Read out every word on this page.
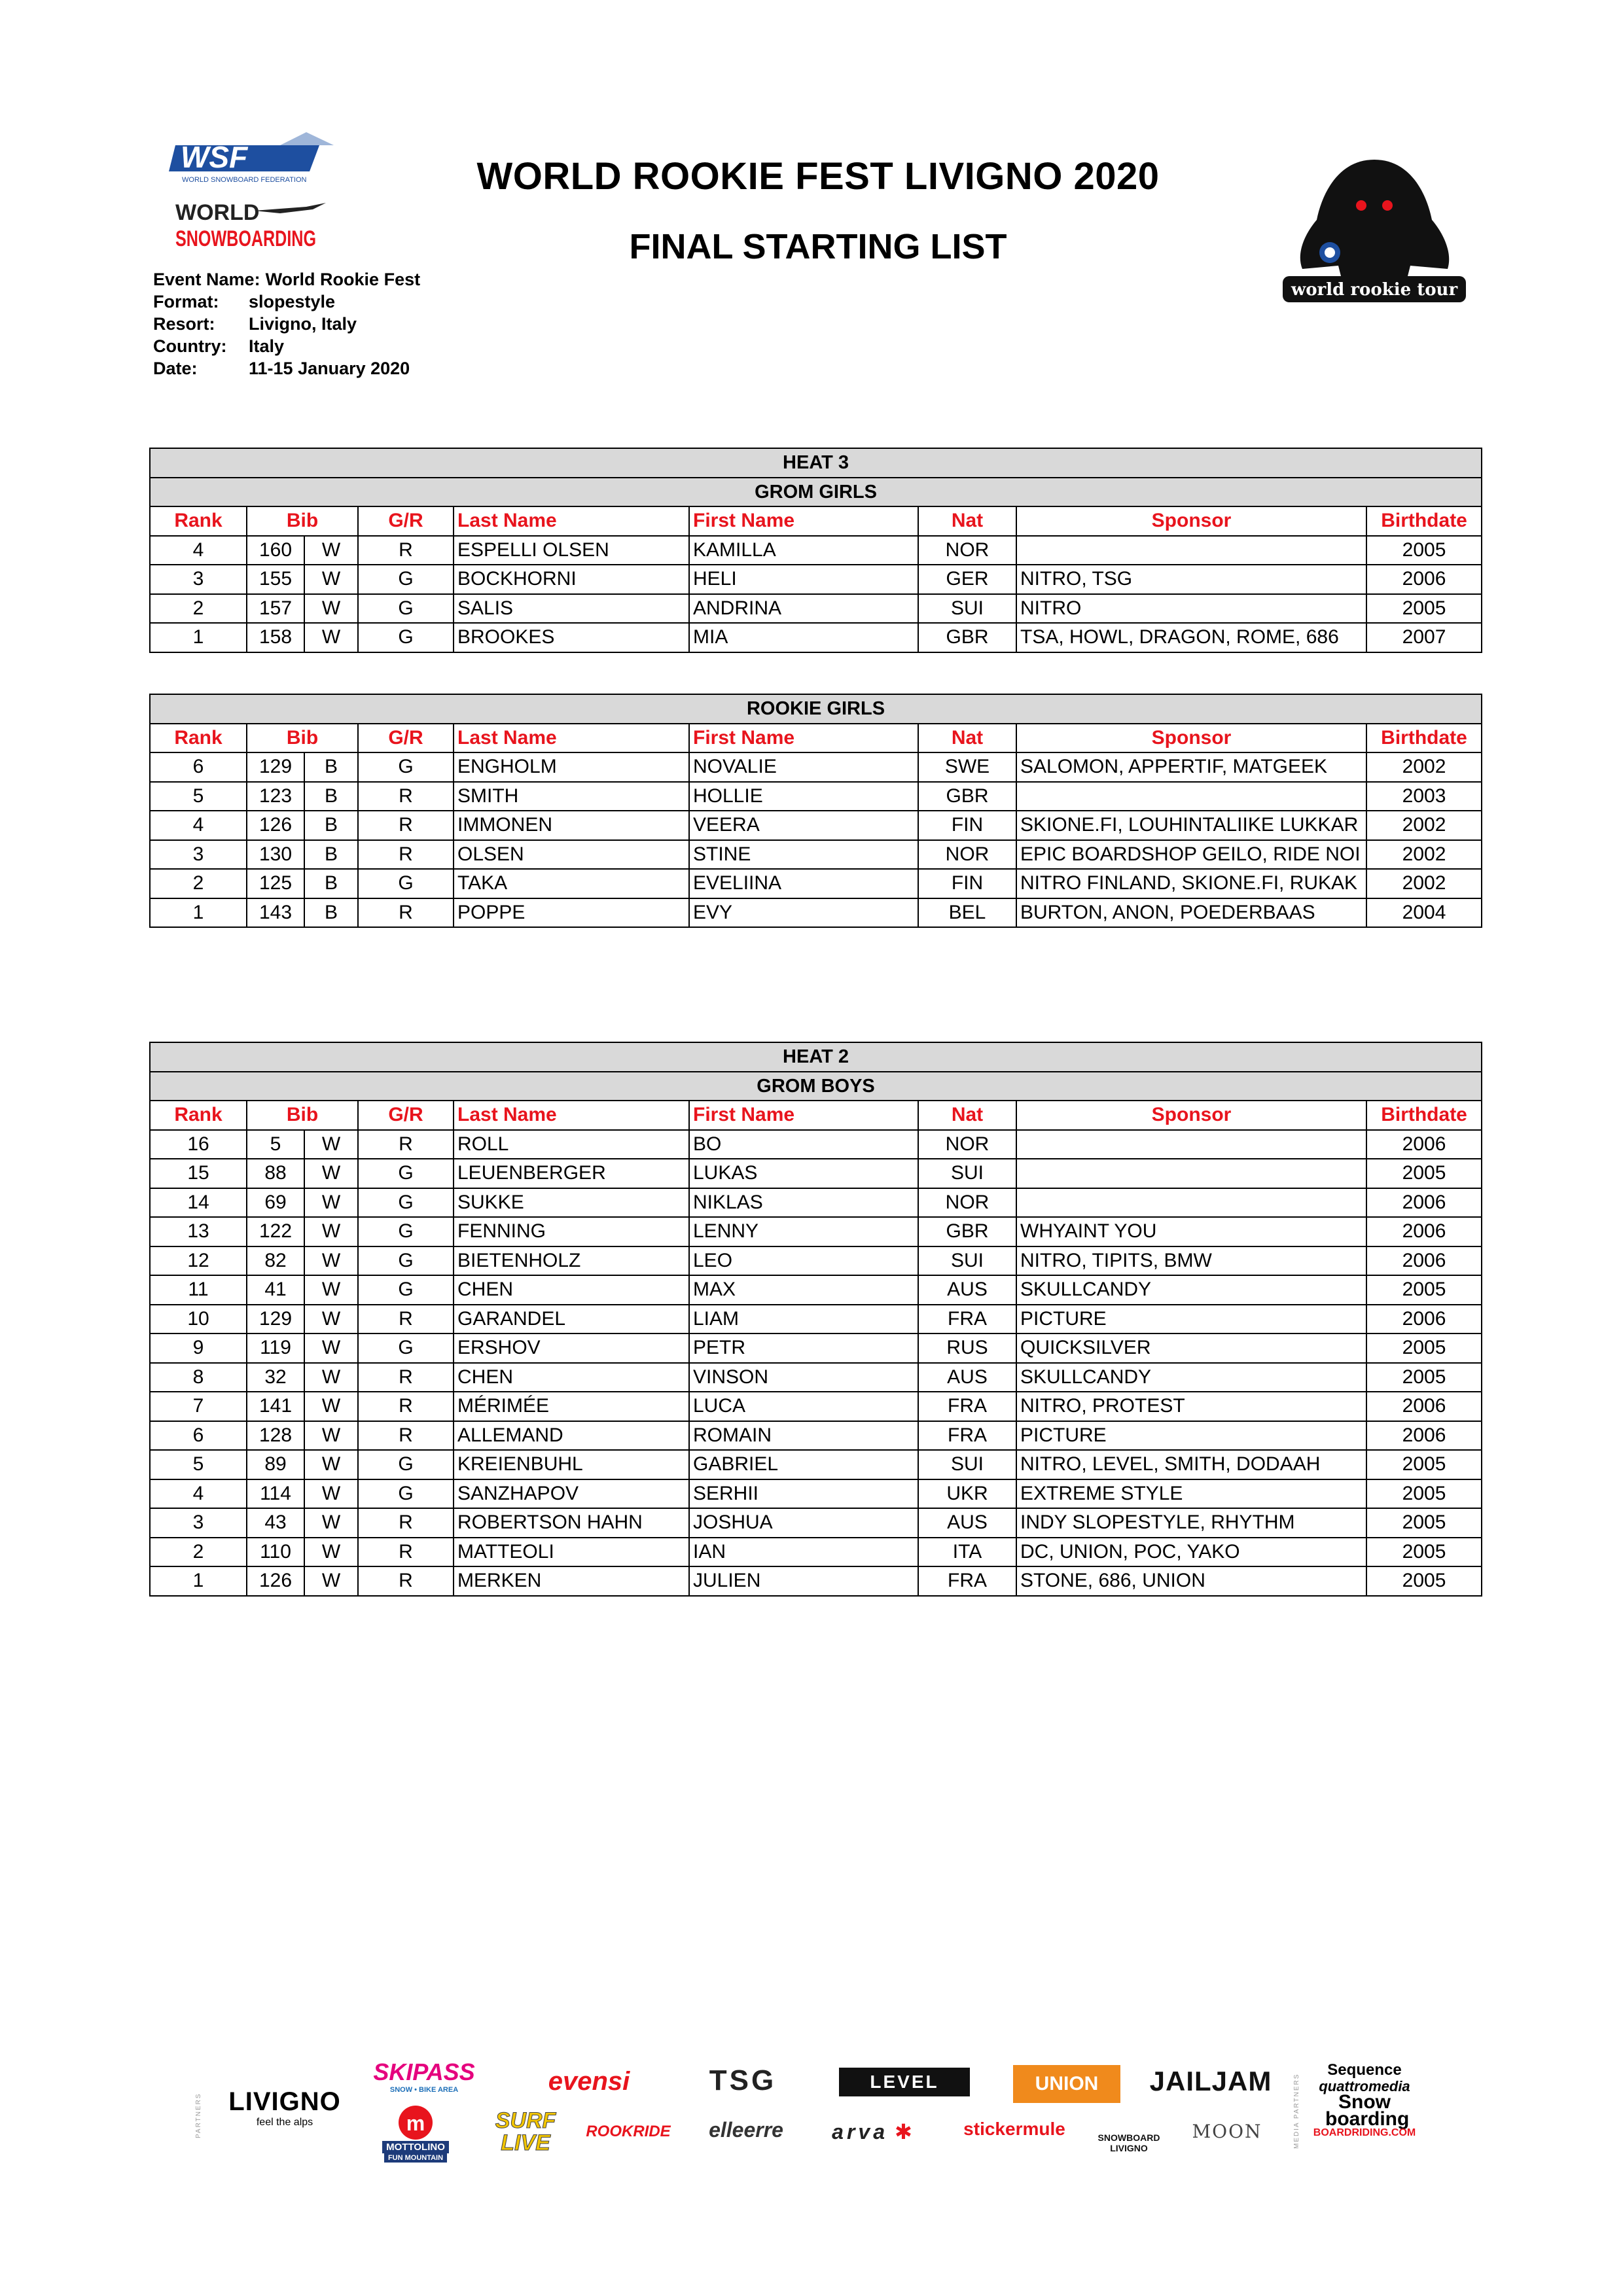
WSF
WORLD SNOWBOARD FEDERATION
WORLD
SNOWBOARDING
WORLD ROOKIE FEST LIVIGNO 2020
FINAL STARTING LIST
world rookie tour
Event Name: World Rookie Fest
Format:	slopestyle
Resort:	Livigno, Italy
Country:	Italy
Date:	11-15 January 2020
HEAT 3								
GROM GIRLS								
Rank	Bib		G/R	Last Name	First Name	Nat	Sponsor	Birthdate
4	160	W	R	ESPELLI OLSEN	KAMILLA	NOR		2005
3	155	W	G	BOCKHORNI	HELI	GER	NITRO, TSG	2006
2	157	W	G	SALIS	ANDRINA	SUI	NITRO	2005
1	158	W	G	BROOKES	MIA	GBR	TSA, HOWL, DRAGON, ROME, 686	2007
ROOKIE GIRLS								
Rank	Bib		G/R	Last Name	First Name	Nat	Sponsor	Birthdate
6	129	B	G	ENGHOLM	NOVALIE	SWE	SALOMON, APPERTIF, MATGEEK	2002
5	123	B	R	SMITH	HOLLIE	GBR		2003
4	126	B	R	IMMONEN	VEERA	FIN	SKIONE.FI, LOUHINTALIIKE LUKKAR	2002
3	130	B	R	OLSEN	STINE	NOR	EPIC BOARDSHOP GEILO, RIDE NOI	2002
2	125	B	G	TAKA	EVELIINA	FIN	NITRO FINLAND, SKIONE.FI, RUKAK	2002
1	143	B	R	POPPE	EVY	BEL	BURTON, ANON, POEDERBAAS	2004
HEAT 2								
GROM BOYS								
Rank	Bib		G/R	Last Name	First Name	Nat	Sponsor	Birthdate
16	5	W	R	ROLL	BO	NOR		2006
15	88	W	G	LEUENBERGER	LUKAS	SUI		2005
14	69	W	G	SUKKE	NIKLAS	NOR		2006
13	122	W	G	FENNING	LENNY	GBR	WHYAINT YOU	2006
12	82	W	G	BIETENHOLZ	LEO	SUI	NITRO, TIPITS, BMW	2006
11	41	W	G	CHEN	MAX	AUS	SKULLCANDY	2005
10	129	W	R	GARANDEL	LIAM	FRA	PICTURE	2006
9	119	W	G	ERSHOV	PETR	RUS	QUICKSILVER	2005
8	32	W	R	CHEN	VINSON	AUS	SKULLCANDY	2005
7	141	W	R	MÉRIMÉE	LUCA	FRA	NITRO, PROTEST	2006
6	128	W	R	ALLEMAND	ROMAIN	FRA	PICTURE	2006
5	89	W	G	KREIENBUHL	GABRIEL	SUI	NITRO, LEVEL, SMITH, DODAAH	2005
4	114	W	G	SANZHAPOV	SERHII	UKR	EXTREME STYLE	2005
3	43	W	R	ROBERTSON HAHN	JOSHUA	AUS	INDY SLOPESTYLE, RHYTHM	2005
2	110	W	R	MATTEOLI	IAN	ITA	DC, UNION, POC, YAKO	2005
1	126	W	R	MERKEN	JULIEN	FRA	STONE, 686, UNION	2005
PARTNERS	MEDIA PARTNERS
LIVIGNO
feel the alps
SKIPASS
SNOW • BIKE AREA	evensi	TSG	LEVEL	UNION	JAILJAM	Sequence
quattromedia
Snow boarding
BOARDRIDING.COM
m
MOTTOLINO
FUN MOUNTAIN
SURF LIVE	ROOKRIDE	elleerre	arva ✱	stickermule	SNOWBOARD LIVIGNO
MOON
